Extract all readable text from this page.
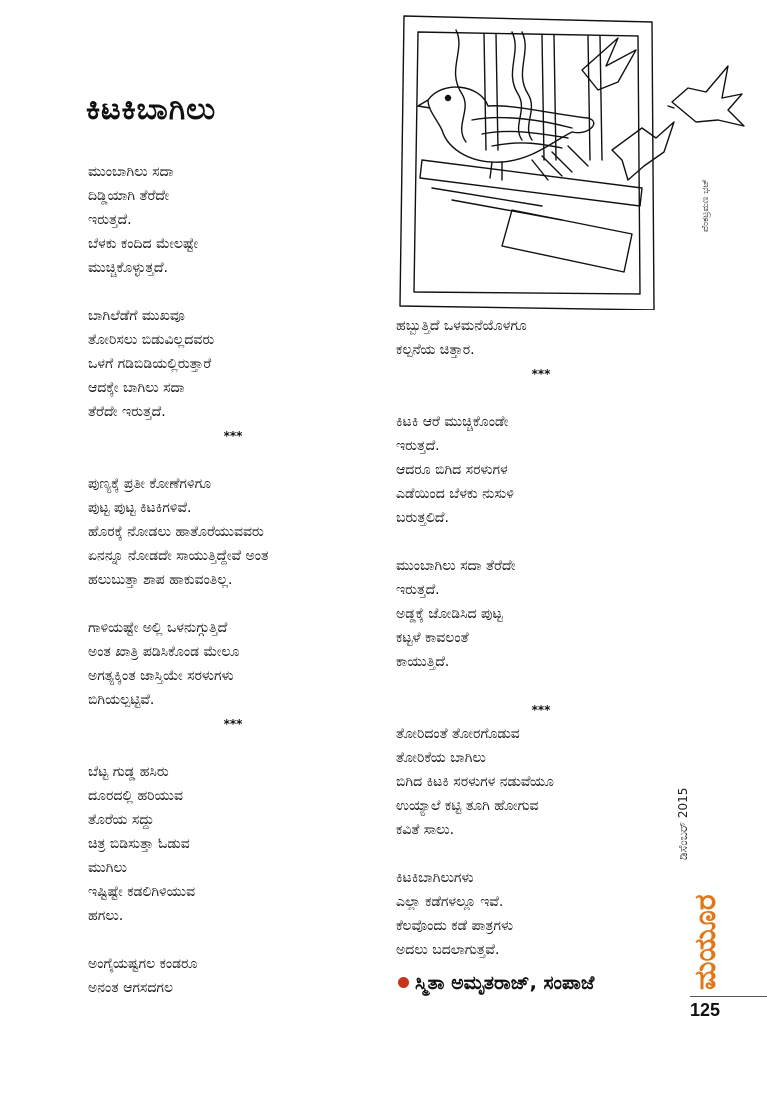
ಕಿಟಕಿಬಾಗಿಲು
ಮುಂಬಾಗಿಲು ಸದಾ
ದಿಡ್ಡಿಯಾಗಿ ತೆರೆದೇ
ಇರುತ್ತದೆ.
ಬೆಳಕು ಕಂದಿದ ಮೇಲಷ್ಟೇ
ಮುಚ್ಚಿಕೊಳ್ಳುತ್ತದೆ.
ಬಾಗಿಲೆಡೆಗೆ ಮುಖವೂ
ತೋರಿಸಲು ಬಿಡುವಿಲ್ಲದವರು
ಒಳಗೆ ಗಡಿಬಿಡಿಯಲ್ಲಿರುತ್ತಾರೆ
ಆದಕ್ಕೇ ಬಾಗಿಲು ಸದಾ
ತೆರೆದೇ ಇರುತ್ತದೆ.
***
ಪುಣ್ಯಕ್ಕೆ ಪ್ರತೀ ಕೋಣೆಗಳಿಗೂ
ಪುಟ್ಟ ಪುಟ್ಟ ಕಿಟಕಿಗಳಿವೆ.
ಹೊರಕ್ಕೆ ನೋಡಲು ಹಾತೊರೆಯುವವರು
ಏನನ್ನೂ ನೋಡದೇ ಸಾಯುತ್ತಿದ್ದೇವೆ ಅಂತ
ಹಲುಬುತ್ತಾ ಶಾಪ ಹಾಕುವಂತಿಲ್ಲ.
ಗಾಳಿಯಷ್ಟೇ ಅಲ್ಲಿ ಒಳನುಗ್ಗುತ್ತಿದೆ
ಅಂತ ಖಾತ್ರಿ ಪಡಿಸಿಕೊಂಡ ಮೇಲೂ
ಅಗತ್ಯಕ್ಕಿಂತ ಜಾಸ್ತಿಯೇ ಸರಳುಗಳು
ಬಿಗಿಯಲ್ಪಟ್ಟಿವೆ.
***
ಬೆಟ್ಟ ಗುಡ್ಡ ಹಸಿರು
ದೂರದಲ್ಲಿ ಹರಿಯುವ
ತೊರೆಯ ಸದ್ದು
ಚಿತ್ರ ಬಿಡಿಸುತ್ತಾ ಓಡುವ
ಮುಗಿಲು
ಇಷ್ಟಿಷ್ಟೇ ಕಡಲಿಗಿಳಿಯುವ
ಹಗಲು.
ಅಂಗೈಯಷ್ಟಗಲ ಕಂಡರೂ
ಅನಂತ ಆಗಸದಗಲ
ಹಬ್ಬುತ್ತಿದೆ ಒಳಮನೆಯೊಳಗೂ
ಕಲ್ಪನೆಯ ಚಿತ್ತಾರ.
***
ಕಿಟಕಿ ಆರೆ ಮುಚ್ಚಿಕೊಂಡೇ
ಇರುತ್ತದೆ.
ಆದರೂ ಬಿಗಿದ ಸರಳುಗಳ
ಎಡೆಯಿಂದ ಬೆಳಕು ನುಸುಳಿ
ಬರುತ್ತಲಿದೆ.
ಮುಂಬಾಗಿಲು ಸದಾ ತೆರೆದೇ
ಇರುತ್ತದೆ.
ಅಡ್ಡಕ್ಕೆ ಜೋಡಿಸಿದ ಪುಟ್ಟ
ಕಟ್ಟಳೆ ಕಾವಲಂತೆ
ಕಾಯುತ್ತಿದೆ.
***
ತೋರಿದಂತೆ ತೋರಗೊಡುವ
ತೋರಿಕೆಯ ಬಾಗಿಲು
ಬಿಗಿದ ಕಿಟಕಿ ಸರಳುಗಳ ನಡುವೆಯೂ
ಉಯ್ಯಾಲೆ ಕಟ್ಟಿ ತೂಗಿ ಹೋಗುವ
ಕವಿತೆ ಸಾಲು.
ಕಿಟಕಿಬಾಗಿಲುಗಳು
ಎಲ್ಲಾ ಕಡೆಗಳಲ್ಲೂ ಇವೆ.
ಕೆಲವೊಂದು ಕಡೆ ಪಾತ್ರಗಳು
ಅದಲು ಬದಲಾಗುತ್ತವೆ.
ಸ್ಮಿತಾ ಅಮೃತರಾಜ್, ಸಂಪಾಜೆ
ವೆಂಕಟ್ರಮಣ ಭಟ್
ಡಿಸೆಂಬರ್ 2015
ಮಯೂರ
125
